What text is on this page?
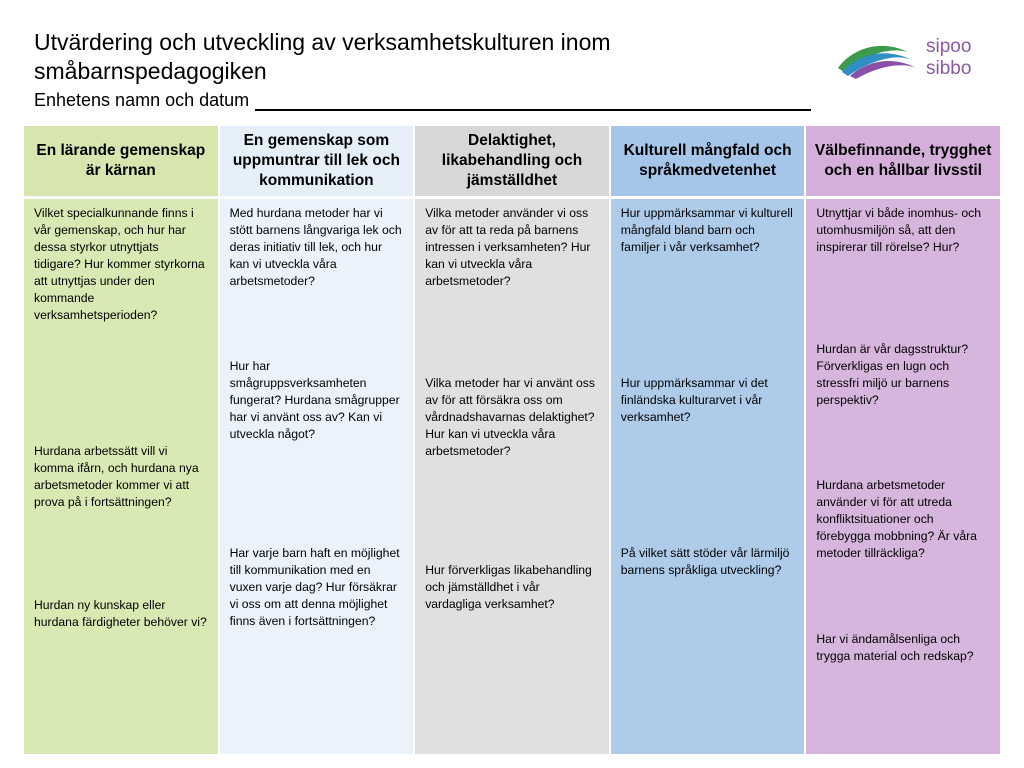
Utvärdering och utveckling av verksamhetskulturen inom
småbarnspedagogiken
Enhetens namn och datum
sipoo
sibbo
En lärande gemenskap är kärnan
Vilket specialkunnande finns i vår gemenskap, och hur har dessa styrkor utnyttjats tidigare? Hur kommer styrkorna att utnyttjas under den kommande verksamhetsperioden?
Hurdana arbetssätt vill vi komma ifårn, och hurdana nya arbetsmetoder kommer vi att prova på i fortsättningen?
Hurdan ny kunskap eller hurdana färdigheter behöver vi?
En gemenskap som uppmuntrar till lek och kommunikation
Med hurdana metoder har vi stött barnens långvariga lek och deras initiativ till lek, och hur kan vi utveckla våra arbetsmetoder?
Hur har smågruppsverksamheten fungerat? Hurdana smågrupper har vi använt oss av? Kan vi utveckla något?
Har varje barn haft en möjlighet till kommunikation med en vuxen varje dag? Hur försäkrar vi oss om att denna möjlighet finns även i fortsättningen?
Delaktighet, likabehandling och jämställdhet
Vilka metoder använder vi oss av för att ta reda på barnens intressen i verksamheten? Hur kan vi utveckla våra arbetsmetoder?
Vilka metoder har vi använt oss av för att försäkra oss om vårdnadshavarnas delaktighet? Hur kan vi utveckla våra arbetsmetoder?
Hur förverkligas likabehandling och jämställdhet i vår vardagliga verksamhet?
Kulturell mångfald och språkmedvetenhet
Hur uppmärksammar vi kulturell mångfald bland barn och familjer i vår verksamhet?
Hur uppmärksammar vi det finländska kulturarvet i vår verksamhet?
På vilket sätt stöder vår lärmiljö barnens språkliga utveckling?
Välbefinnande, trygghet och en hållbar livsstil
Utnyttjar vi både inomhus- och utomhusmiljön så, att den inspirerar till rörelse? Hur?
Hurdan är vår dagsstruktur? Förverkligas en lugn och stressfri miljö ur barnens perspektiv?
Hurdana arbetsmetoder använder vi för att utreda konfliktsituationer och förebygga mobbning? Är våra metoder tillräckliga?
Har vi ändamålsenliga och trygga material och redskap?
